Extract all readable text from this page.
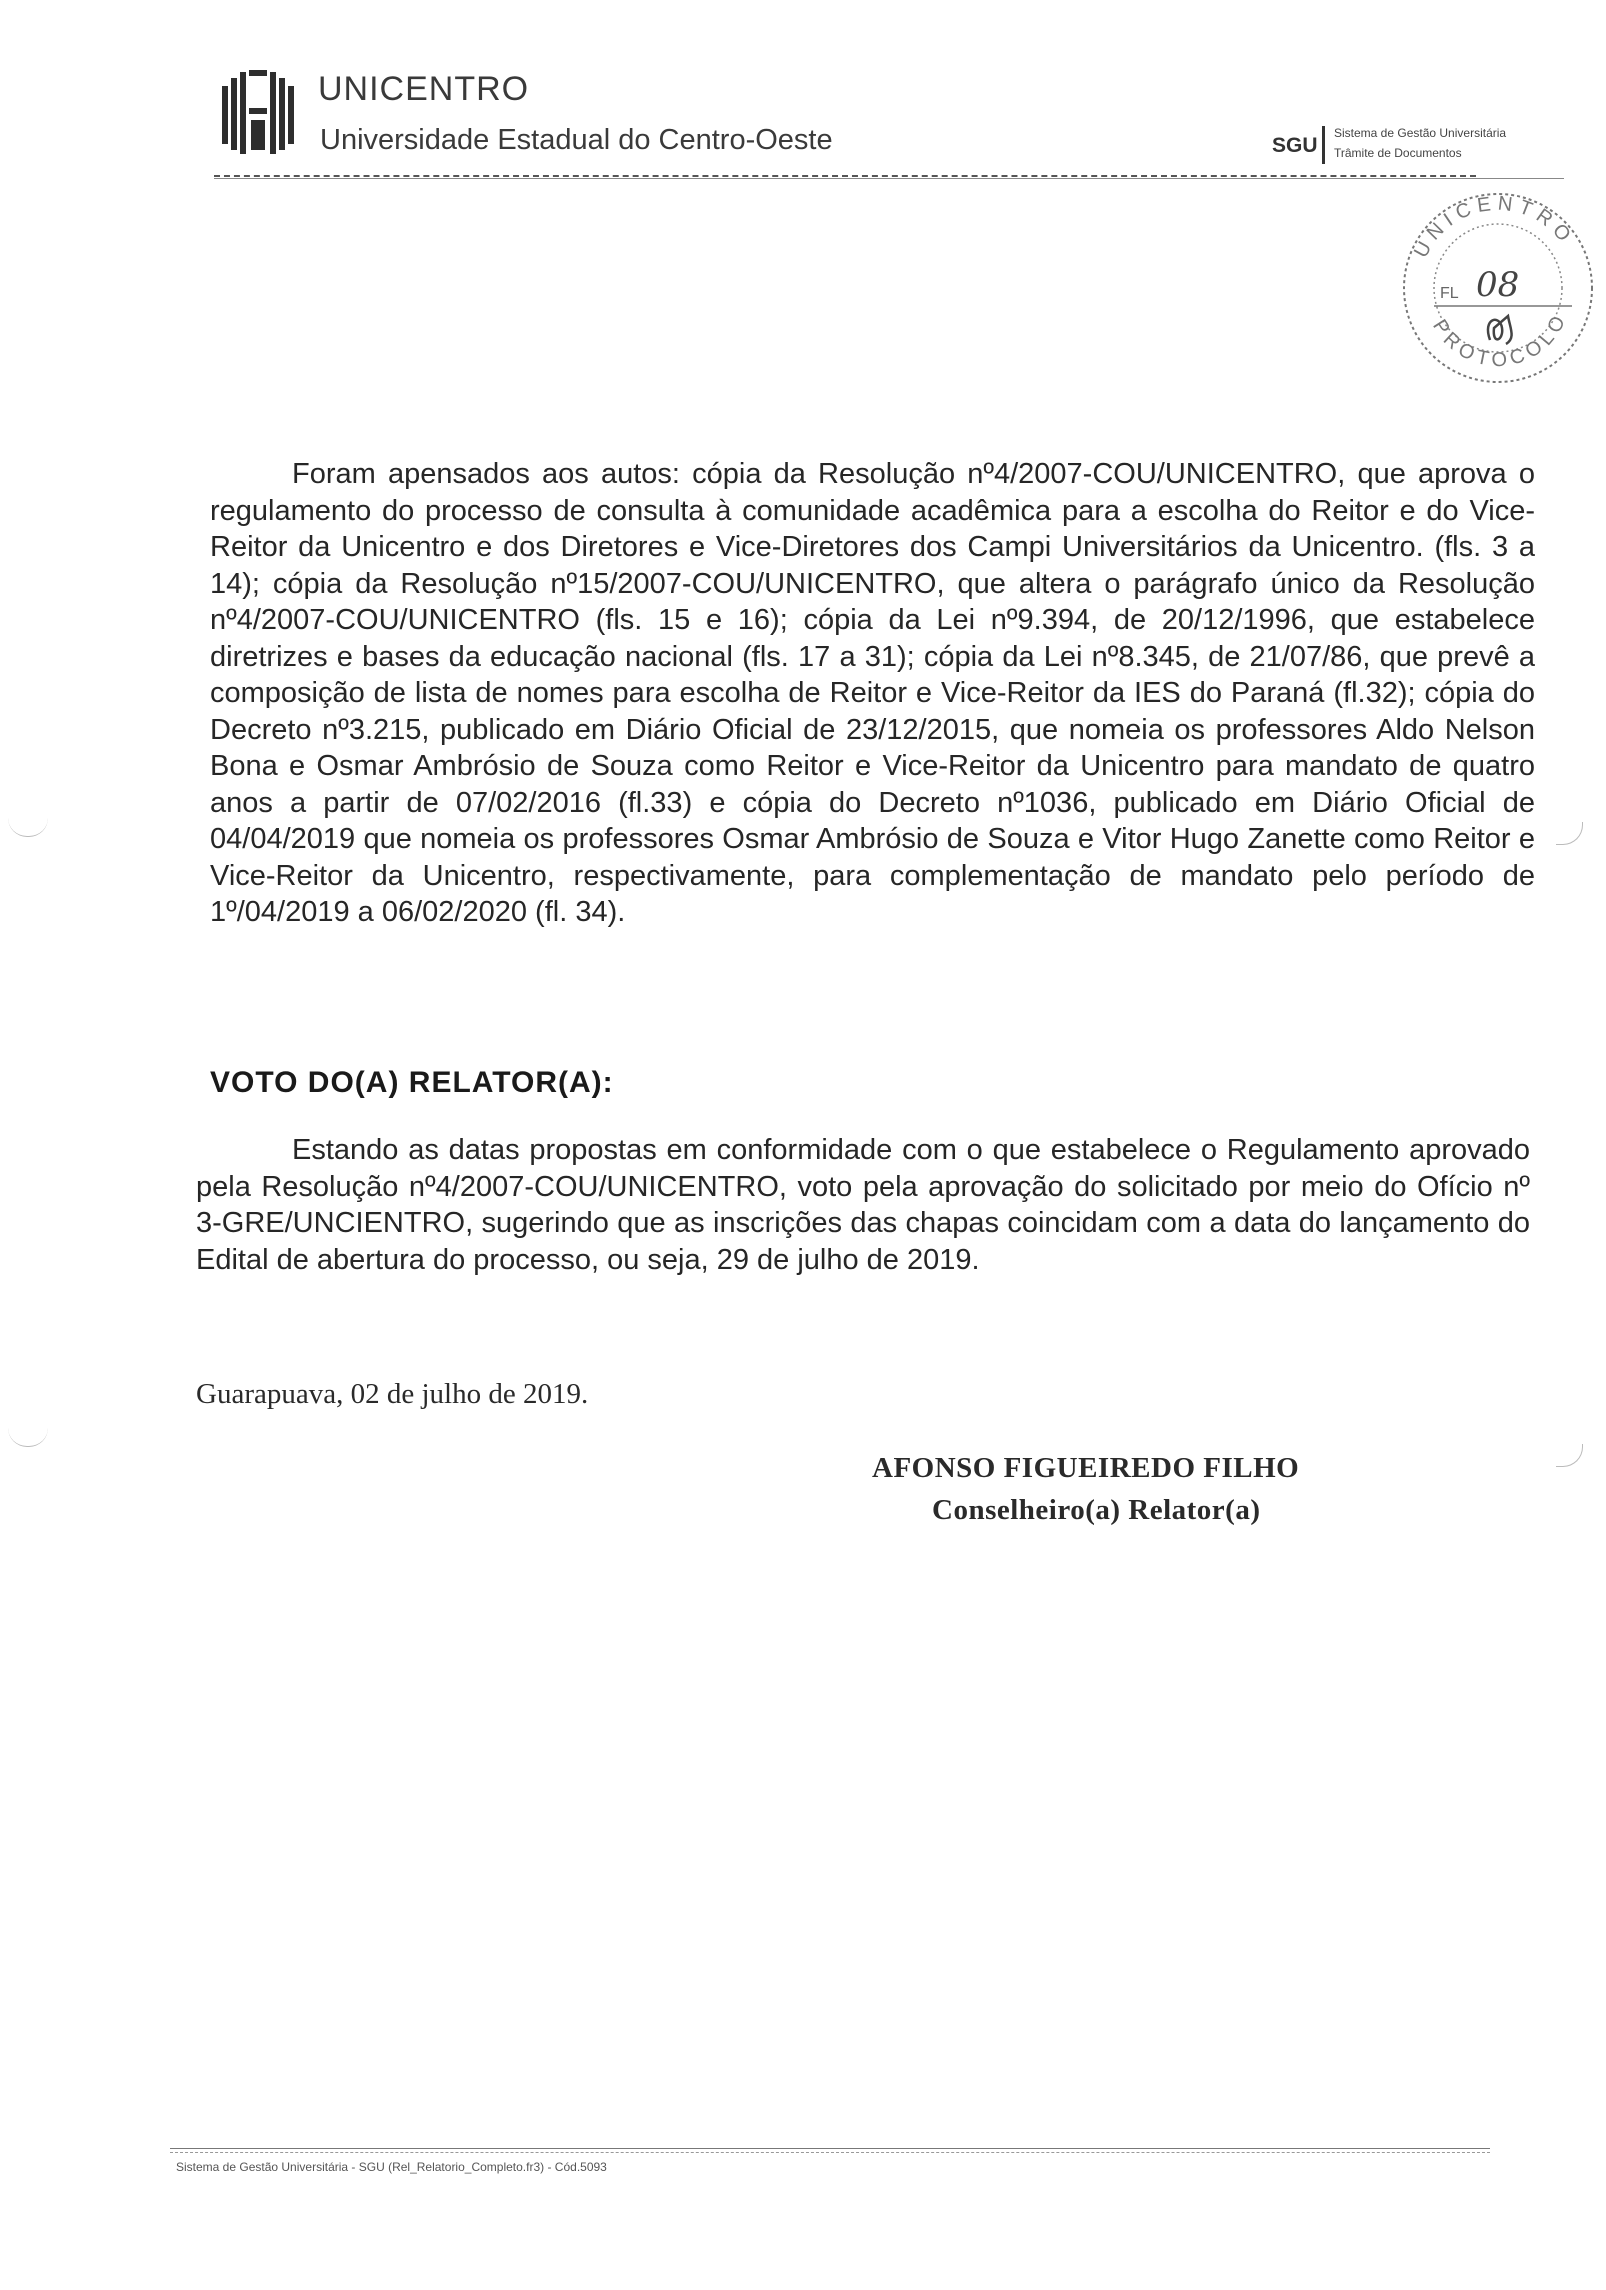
UNICENTRO
Universidade Estadual do Centro-Oeste	SGU
Sistema de Gestão Universitária
Trâmite de Documentos
UNICENTRO
PROTOCOLO
FL 08
Foram apensados aos autos: cópia da Resolução nº4/2007-COU/UNICENTRO, que aprova o regulamento do processo de consulta à comunidade acadêmica para a escolha do Reitor e do Vice-Reitor da Unicentro e dos Diretores e Vice-Diretores dos Campi Universitários da Unicentro. (fls. 3 a 14); cópia da Resolução nº15/2007-COU/UNICENTRO, que altera o parágrafo único da Resolução nº4/2007-COU/UNICENTRO (fls. 15 e 16); cópia da Lei nº9.394, de 20/12/1996, que estabelece diretrizes e bases da educação nacional (fls. 17 a 31); cópia da Lei nº8.345, de 21/07/86, que prevê a composição de lista de nomes para escolha de Reitor e Vice-Reitor da IES do Paraná (fl.32); cópia do Decreto nº3.215, publicado em Diário Oficial de 23/12/2015, que nomeia os professores Aldo Nelson Bona e Osmar Ambrósio de Souza como Reitor e Vice-Reitor da Unicentro para mandato de quatro anos a partir de 07/02/2016 (fl.33) e cópia do Decreto nº1036, publicado em Diário Oficial de 04/04/2019 que nomeia os professores Osmar Ambrósio de Souza e Vitor Hugo Zanette como Reitor e Vice-Reitor da Unicentro, respectivamente, para complementação de mandato pelo período de 1º/04/2019 a 06/02/2020 (fl. 34).
VOTO DO(A) RELATOR(A):
Estando as datas propostas em conformidade com o que estabelece o Regulamento aprovado pela Resolução nº4/2007-COU/UNICENTRO, voto pela aprovação do solicitado por meio do Ofício nº 3-GRE/UNCIENTRO, sugerindo que as inscrições das chapas coincidam com a data do lançamento do Edital de abertura do processo, ou seja, 29 de julho de 2019.
Guarapuava, 02 de julho de 2019.
AFONSO FIGUEIREDO FILHO
Conselheiro(a) Relator(a)
Sistema de Gestão Universitária - SGU (Rel_Relatorio_Completo.fr3) - Cód.5093
